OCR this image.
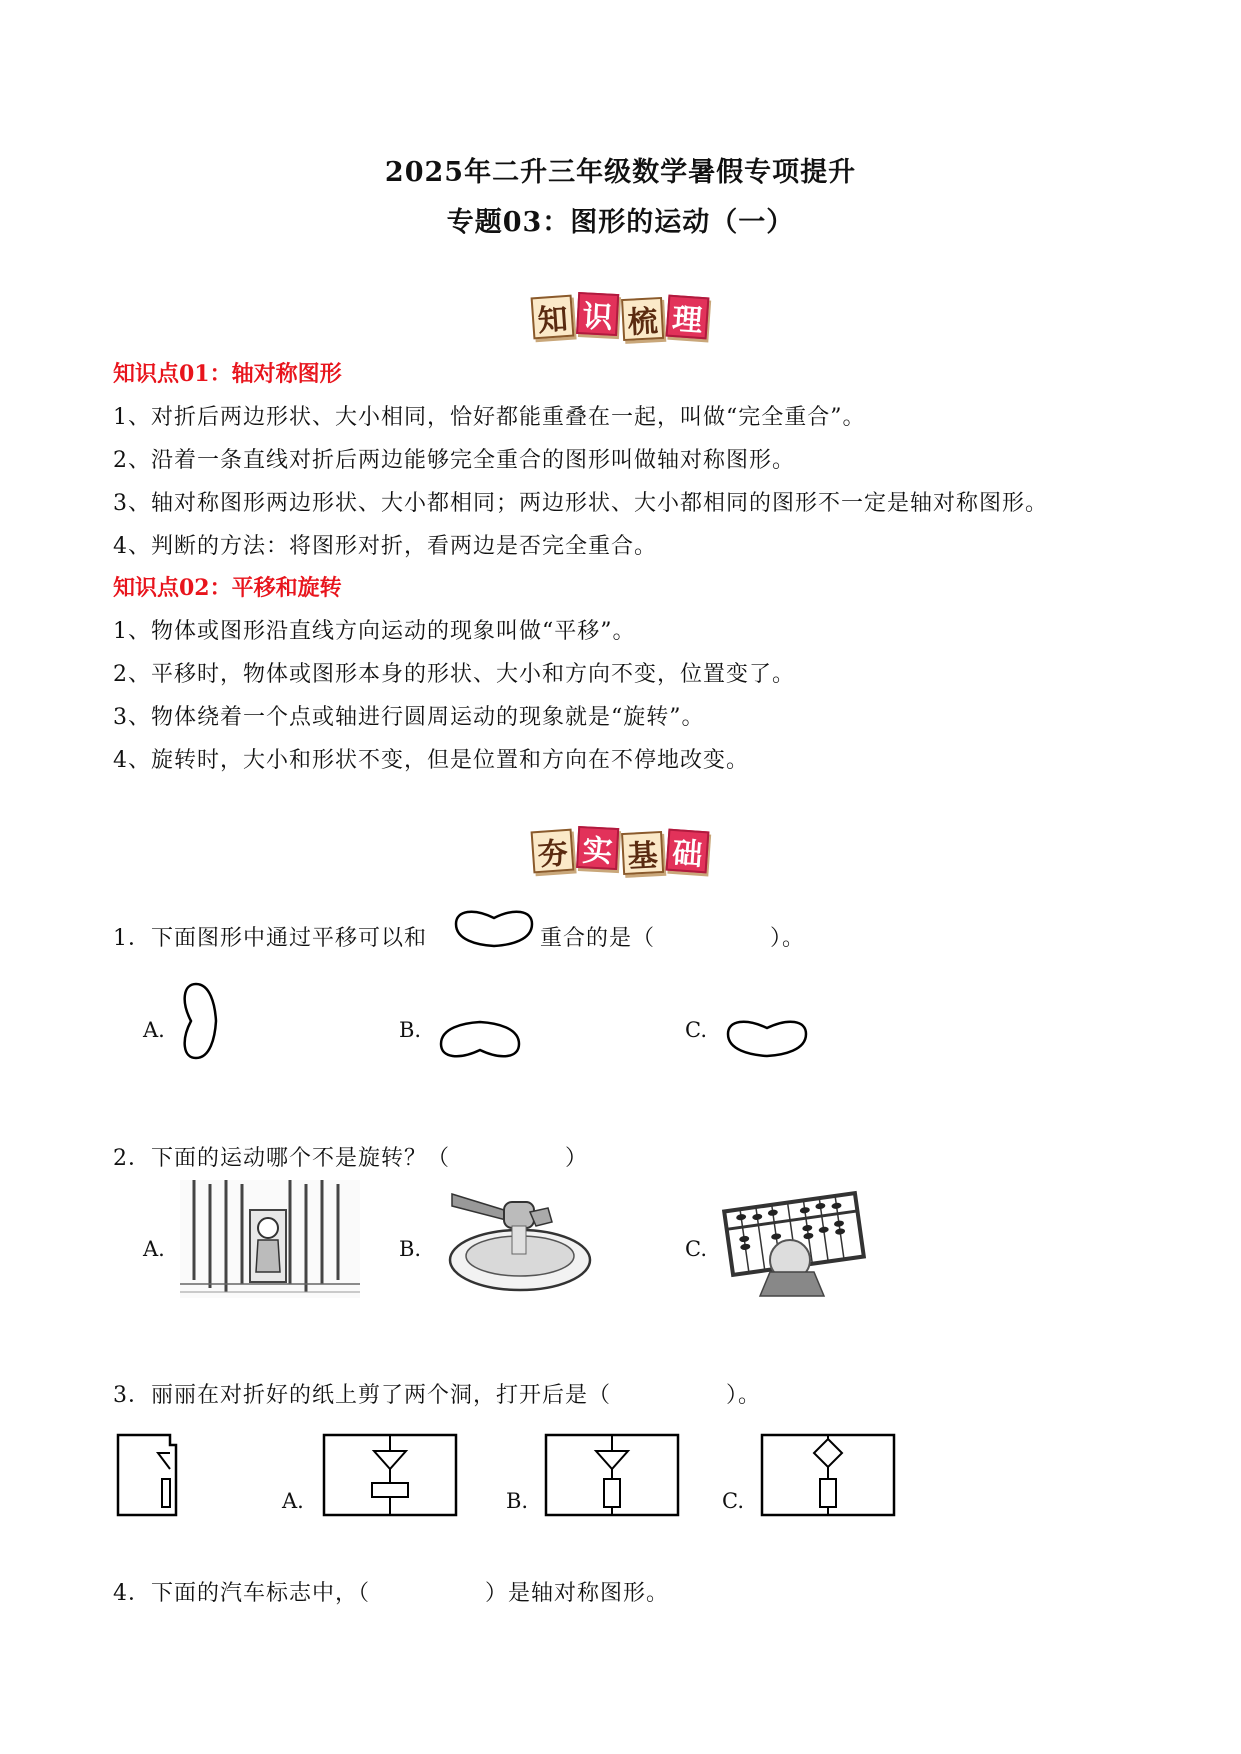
2025年二升三年级数学暑假专项提升
专题03：图形的运动（一）
知 识 梳 理
知识点01：轴对称图形
1、对折后两边形状、大小相同，恰好都能重叠在一起，叫做“完全重合”。
2、沿着一条直线对折后两边能够完全重合的图形叫做轴对称图形。
3、轴对称图形两边形状、大小都相同；两边形状、大小都相同的图形不一定是轴对称图形。
4、判断的方法：将图形对折，看两边是否完全重合。
知识点02：平移和旋转
1、物体或图形沿直线方向运动的现象叫做“平移”。
2、平移时，物体或图形本身的形状、大小和方向不变，位置变了。
3、物体绕着一个点或轴进行圆周运动的现象就是“旋转”。
4、旋转时，大小和形状不变，但是位置和方向在不停地改变。
夯 实 基 础
1．下面图形中通过平移可以和	重合的是（　　　　　）。
A.	B.	C.
2．下面的运动哪个不是旋转？（　　　　　）
A.	B.	C.
3．丽丽在对折好的纸上剪了两个洞，打开后是（　　　　　）。
A.	B.	C.
4．下面的汽车标志中，（　　　　　）是轴对称图形。
